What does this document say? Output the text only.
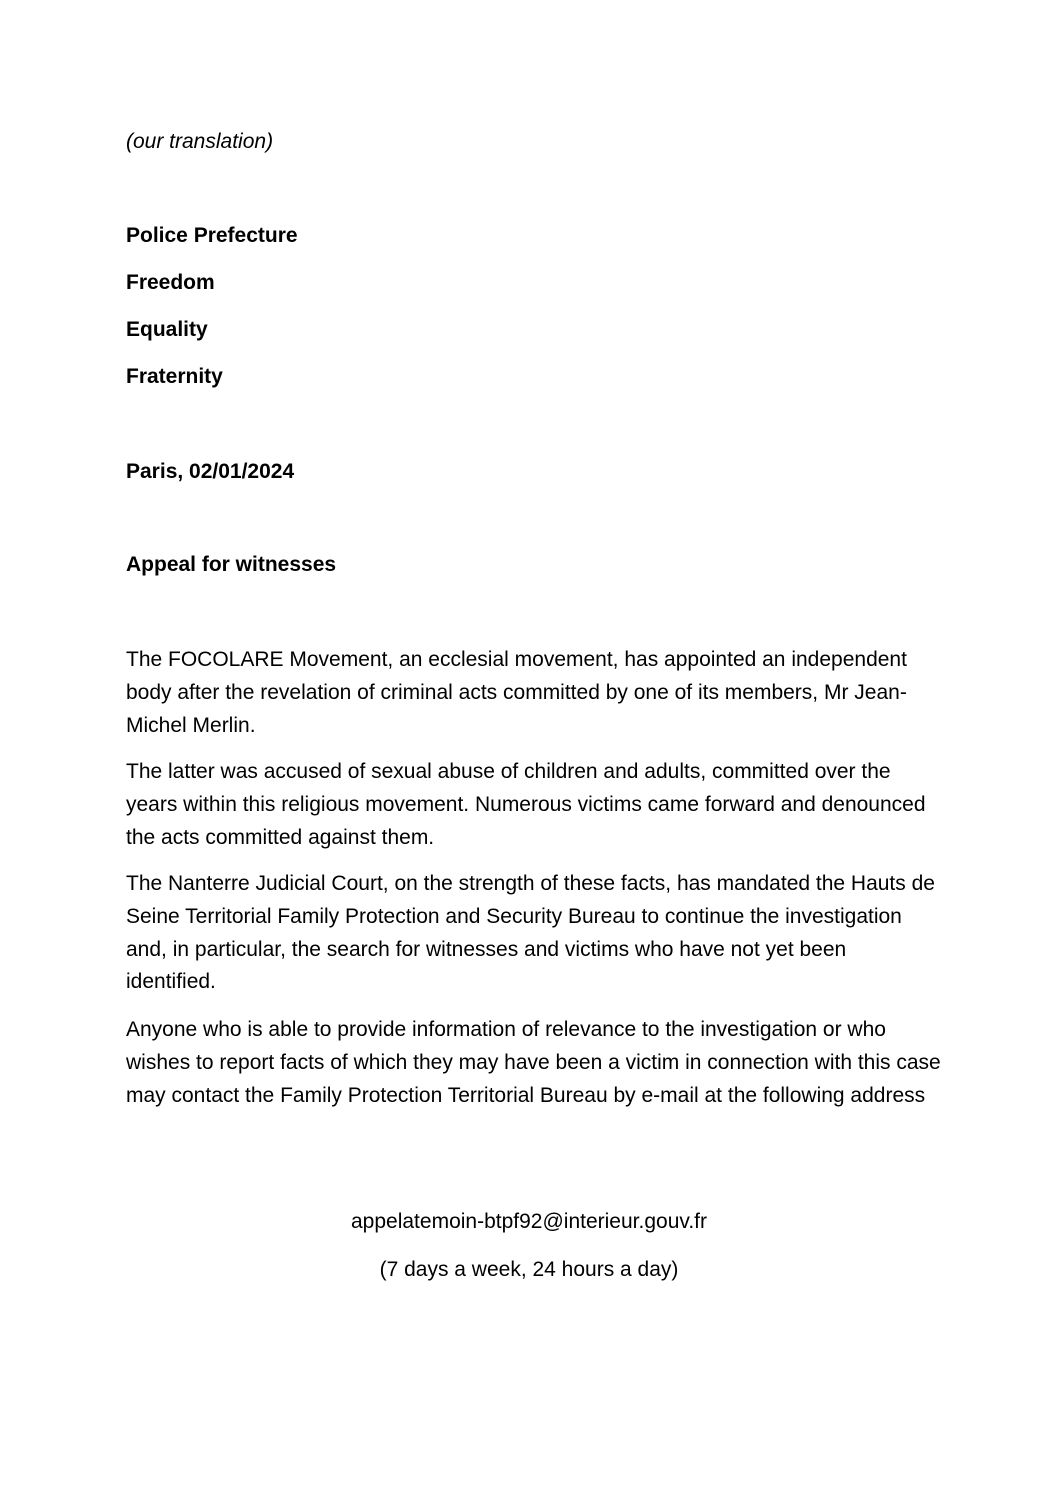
(our translation)
Police Prefecture
Freedom
Equality
Fraternity
Paris, 02/01/2024
Appeal for witnesses

The FOCOLARE Movement, an ecclesial movement, has appointed an independent body after the revelation of criminal acts committed by one of its members, Mr Jean-Michel Merlin.

The latter was accused of sexual abuse of children and adults, committed over the years within this religious movement. Numerous victims came forward and denounced the acts committed against them.

The Nanterre Judicial Court, on the strength of these facts, has mandated the Hauts de Seine Territorial Family Protection and Security Bureau to continue the investigation and, in particular, the search for witnesses and victims who have not yet been identified.

Anyone who is able to provide information of relevance to the investigation or who wishes to report facts of which they may have been a victim in connection with this case may contact the Family Protection Territorial Bureau by e-mail at the following address

appelatemoin-btpf92@interieur.gouv.fr
(7 days a week, 24 hours a day)
